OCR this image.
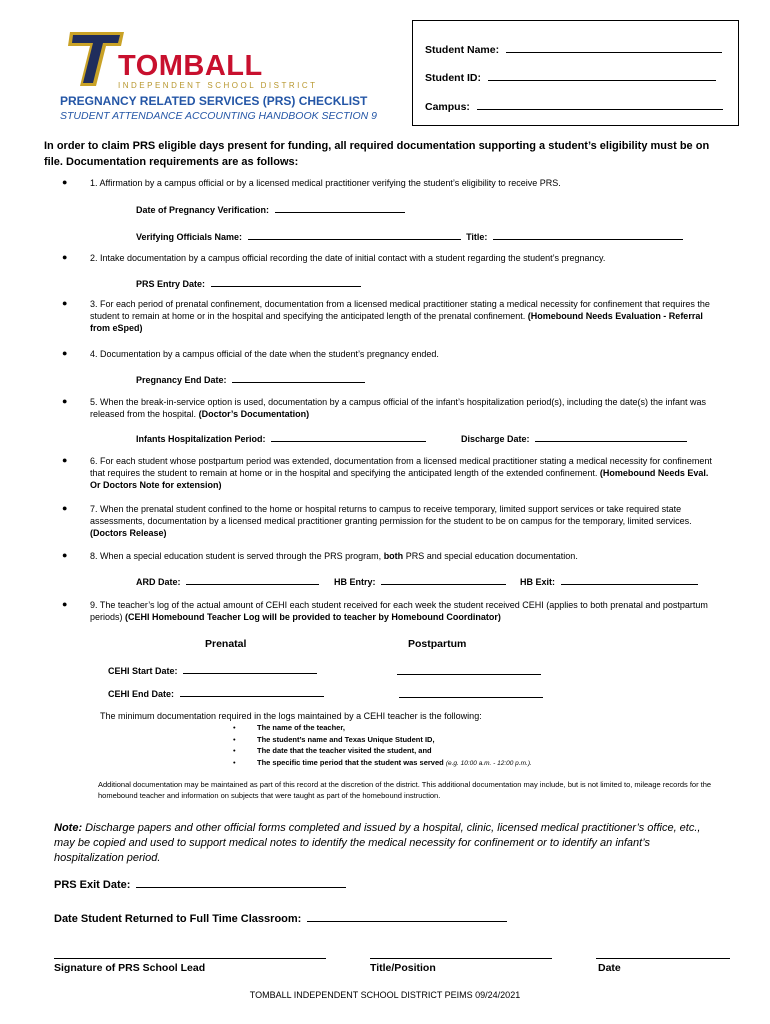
TOMBALL
INDEPENDENT SCHOOL DISTRICT
PREGNANCY RELATED SERVICES (PRS) CHECKLIST
STUDENT ATTENDANCE ACCOUNTING HANDBOOK SECTION 9
Student Name:
Student ID:
Campus:
In order to claim PRS eligible days present for funding, all required documentation supporting a student’s eligibility must be on file. Documentation requirements are as follows:
●	1. Affirmation by a campus official or by a licensed medical practitioner verifying the student’s eligibility to receive PRS.
Date of Pregnancy Verification:
Verifying Officials Name:	Title:
●	2. Intake documentation by a campus official recording the date of initial contact with a student regarding the student’s pregnancy.
PRS Entry Date:
●	3. For each period of prenatal confinement, documentation from a licensed medical practitioner stating a medical necessity for confinement that requires the student to remain at home or in the hospital and specifying the anticipated length of the prenatal confinement. (Homebound Needs Evaluation - Referral from eSped)
●	4. Documentation by a campus official of the date when the student’s pregnancy ended.
Pregnancy End Date:
●	5. When the break-in-service option is used, documentation by a campus official of the infant’s hospitalization period(s), including the date(s) the infant was released from the hospital. (Doctor’s Documentation)
Infants Hospitalization Period:	Discharge Date:
●	6. For each student whose postpartum period was extended, documentation from a licensed medical practitioner stating a medical necessity for confinement that requires the student to remain at home or in the hospital and specifying the anticipated length of the extended confinement. (Homebound Needs Eval. Or Doctors Note for extension)
●	7. When the prenatal student confined to the home or hospital returns to campus to receive temporary, limited support services or take required state assessments, documentation by a licensed medical practitioner granting permission for the student to be on campus for the temporary, limited services. (Doctors Release)
●	8. When a special education student is served through the PRS program, both PRS and special education documentation.
ARD Date:	HB Entry:	HB Exit:
●	9. The teacher’s log of the actual amount of CEHI each student received for each week the student received CEHI (applies to both prenatal and postpartum periods) (CEHI Homebound Teacher Log will be provided to teacher by Homebound Coordinator)
Prenatal	Postpartum
CEHI Start Date:
CEHI End Date:
The minimum documentation required in the logs maintained by a CEHI teacher is the following:
•
•
•
•
The name of the teacher,
The student’s name and Texas Unique Student ID,
The date that the teacher visited the student, and
The specific time period that the student was served (e.g. 10:00 a.m. - 12:00 p.m.).
Additional documentation may be maintained as part of this record at the discretion of the district. This additional documentation may include, but is not limited to, mileage records for the homebound teacher and information on subjects that were taught as part of the homebound instruction.
Note: Discharge papers and other official forms completed and issued by a hospital, clinic, licensed medical practitioner’s office, etc., may be copied and used to support medical notes to identify the medical necessity for confinement or to identify an infant’s hospitalization period.
PRS Exit Date:
Date Student Returned to Full Time Classroom:
Signature of PRS School Lead	Title/Position	Date
TOMBALL INDEPENDENT SCHOOL DISTRICT PEIMS 09/24/2021
